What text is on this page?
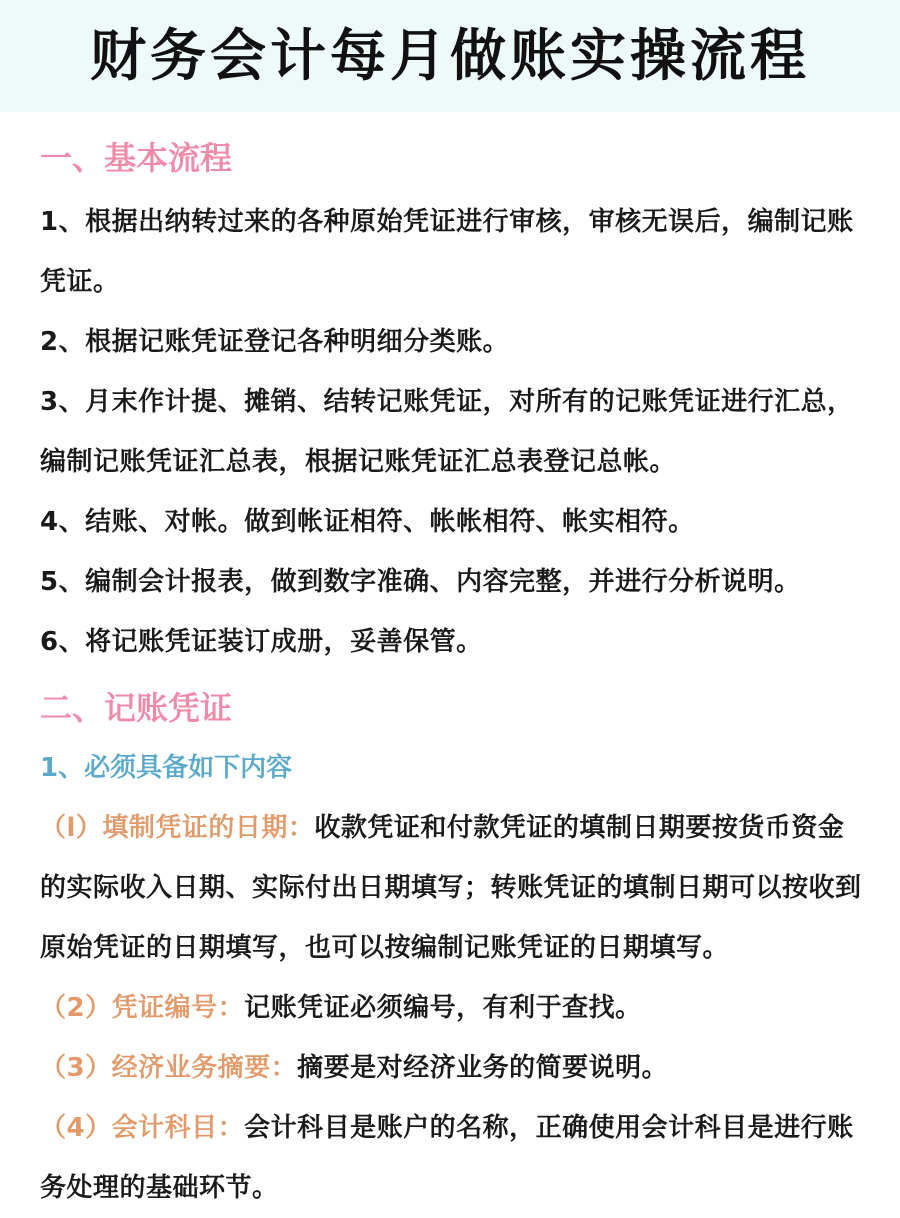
财务会计每月做账实操流程
一、基本流程

1、根据出纳转过来的各种原始凭证进行审核，审核无误后，编制记账凭证。

2、根据记账凭证登记各种明细分类账。

3、月末作计提、摊销、结转记账凭证，对所有的记账凭证进行汇总，编制记账凭证汇总表，根据记账凭证汇总表登记总帐。

4、结账、对帐。做到帐证相符、帐帐相符、帐实相符。

5、编制会计报表，做到数字准确、内容完整，并进行分析说明。

6、将记账凭证装订成册，妥善保管。

二、记账凭证
1、必须具备如下内容

（l）填制凭证的日期：收款凭证和付款凭证的填制日期要按货币资金的实际收入日期、实际付出日期填写；转账凭证的填制日期可以按收到原始凭证的日期填写，也可以按编制记账凭证的日期填写。

（2）凭证编号：记账凭证必须编号，有利于查找。

（3）经济业务摘要：摘要是对经济业务的简要说明。

（4）会计科目：会计科目是账户的名称，正确使用会计科目是进行账务处理的基础环节。
